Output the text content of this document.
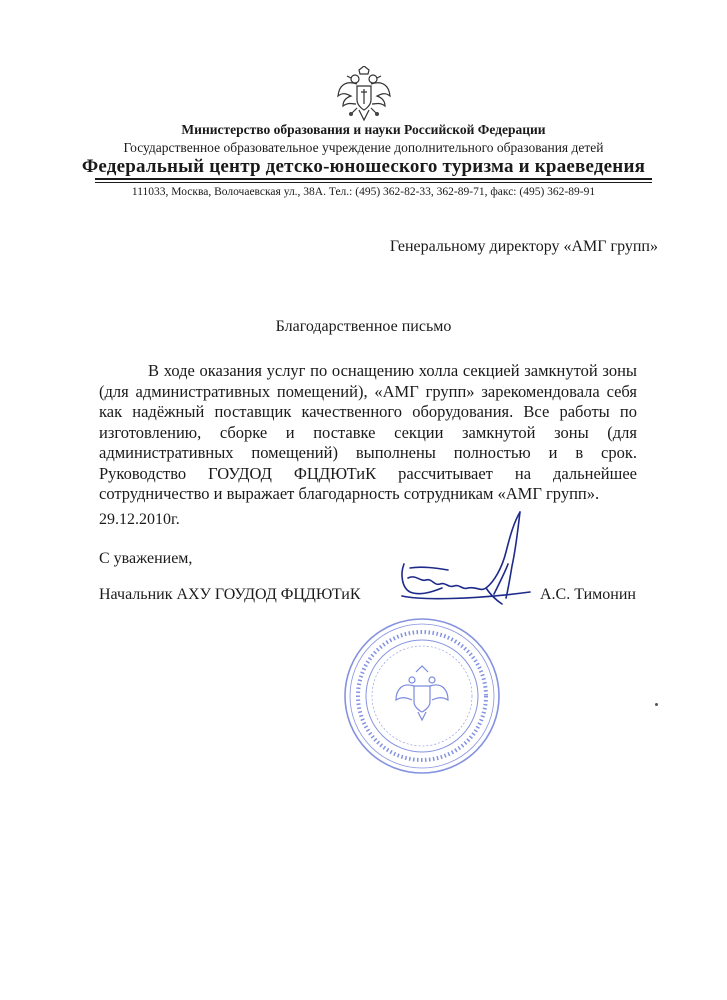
Министерство образования и науки Российской Федерации
Государственное образовательное учреждение дополнительного образования детей
Федеральный центр детско-юношеского туризма и краеведения
111033, Москва, Волочаевская ул., 38А. Тел.: (495) 362-82-33, 362-89-71, факс: (495) 362-89-91
Генеральному директору «АМГ групп»
Благодарственное письмо
В ходе оказания услуг по оснащению холла секцией замкнутой зоны (для административных помещений), «АМГ групп» зарекомендовала себя как надёжный поставщик качественного оборудования. Все работы по изготовлению, сборке и поставке секции замкнутой зоны (для административных помещений) выполнены полностью и в срок. Руководство ГОУДОД ФЦДЮТиК рассчитывает на дальнейшее сотрудничество и выражает благодарность сотрудникам «АМГ групп».
29.12.2010г.
С уважением,
Начальник АХУ ГОУДОД ФЦДЮТиК	А.С. Тимонин
